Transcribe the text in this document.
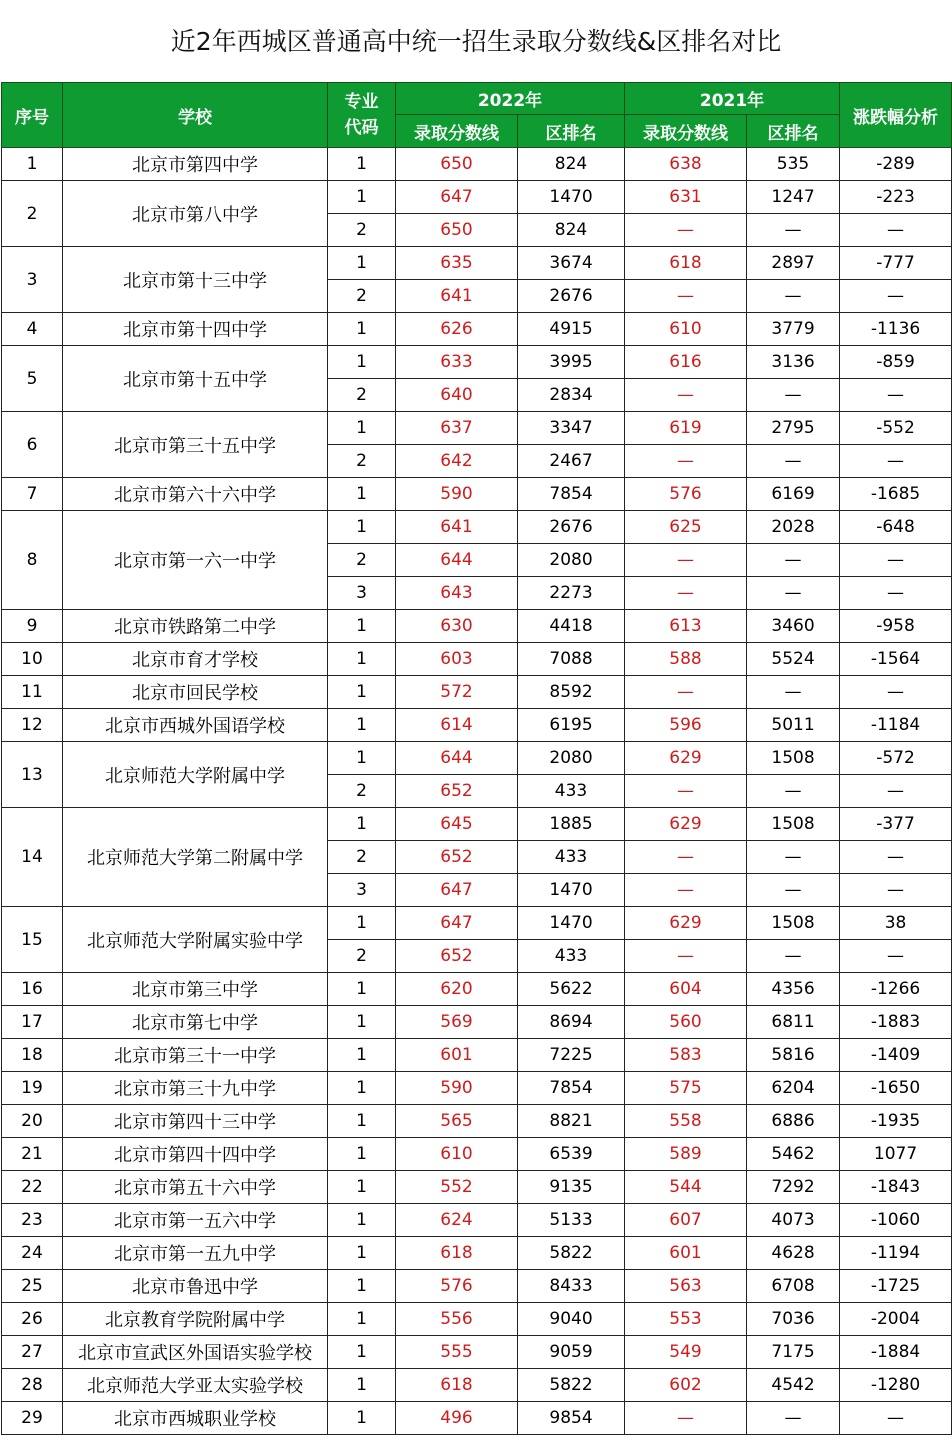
近2年西城区普通高中统一招生录取分数线&区排名对比
序号	学校	专业代码	2022年		2021年		涨跌幅分析
			录取分数线	区排名	录取分数线	区排名	
1	北京市第四中学	1	650	824	638	535	-289
2	北京市第八中学	1	647	1470	631	1247	-223
		2	650	824	—	—	—
3	北京市第十三中学	1	635	3674	618	2897	-777
		2	641	2676	—	—	—
4	北京市第十四中学	1	626	4915	610	3779	-1136
5	北京市第十五中学	1	633	3995	616	3136	-859
		2	640	2834	—	—	—
6	北京市第三十五中学	1	637	3347	619	2795	-552
		2	642	2467	—	—	—
7	北京市第六十六中学	1	590	7854	576	6169	-1685
8	北京市第一六一中学	1	641	2676	625	2028	-648
		2	644	2080	—	—	—
		3	643	2273	—	—	—
9	北京市铁路第二中学	1	630	4418	613	3460	-958
10	北京市育才学校	1	603	7088	588	5524	-1564
11	北京市回民学校	1	572	8592	—	—	—
12	北京市西城外国语学校	1	614	6195	596	5011	-1184
13	北京师范大学附属中学	1	644	2080	629	1508	-572
		2	652	433	—	—	—
14	北京师范大学第二附属中学	1	645	1885	629	1508	-377
		2	652	433	—	—	—
		3	647	1470	—	—	—
15	北京师范大学附属实验中学	1	647	1470	629	1508	38
		2	652	433	—	—	—
16	北京市第三中学	1	620	5622	604	4356	-1266
17	北京市第七中学	1	569	8694	560	6811	-1883
18	北京市第三十一中学	1	601	7225	583	5816	-1409
19	北京市第三十九中学	1	590	7854	575	6204	-1650
20	北京市第四十三中学	1	565	8821	558	6886	-1935
21	北京市第四十四中学	1	610	6539	589	5462	1077
22	北京市第五十六中学	1	552	9135	544	7292	-1843
23	北京市第一五六中学	1	624	5133	607	4073	-1060
24	北京市第一五九中学	1	618	5822	601	4628	-1194
25	北京市鲁迅中学	1	576	8433	563	6708	-1725
26	北京教育学院附属中学	1	556	9040	553	7036	-2004
27	北京市宣武区外国语实验学校	1	555	9059	549	7175	-1884
28	北京师范大学亚太实验学校	1	618	5822	602	4542	-1280
29	北京市西城职业学校	1	496	9854	—	—	—
